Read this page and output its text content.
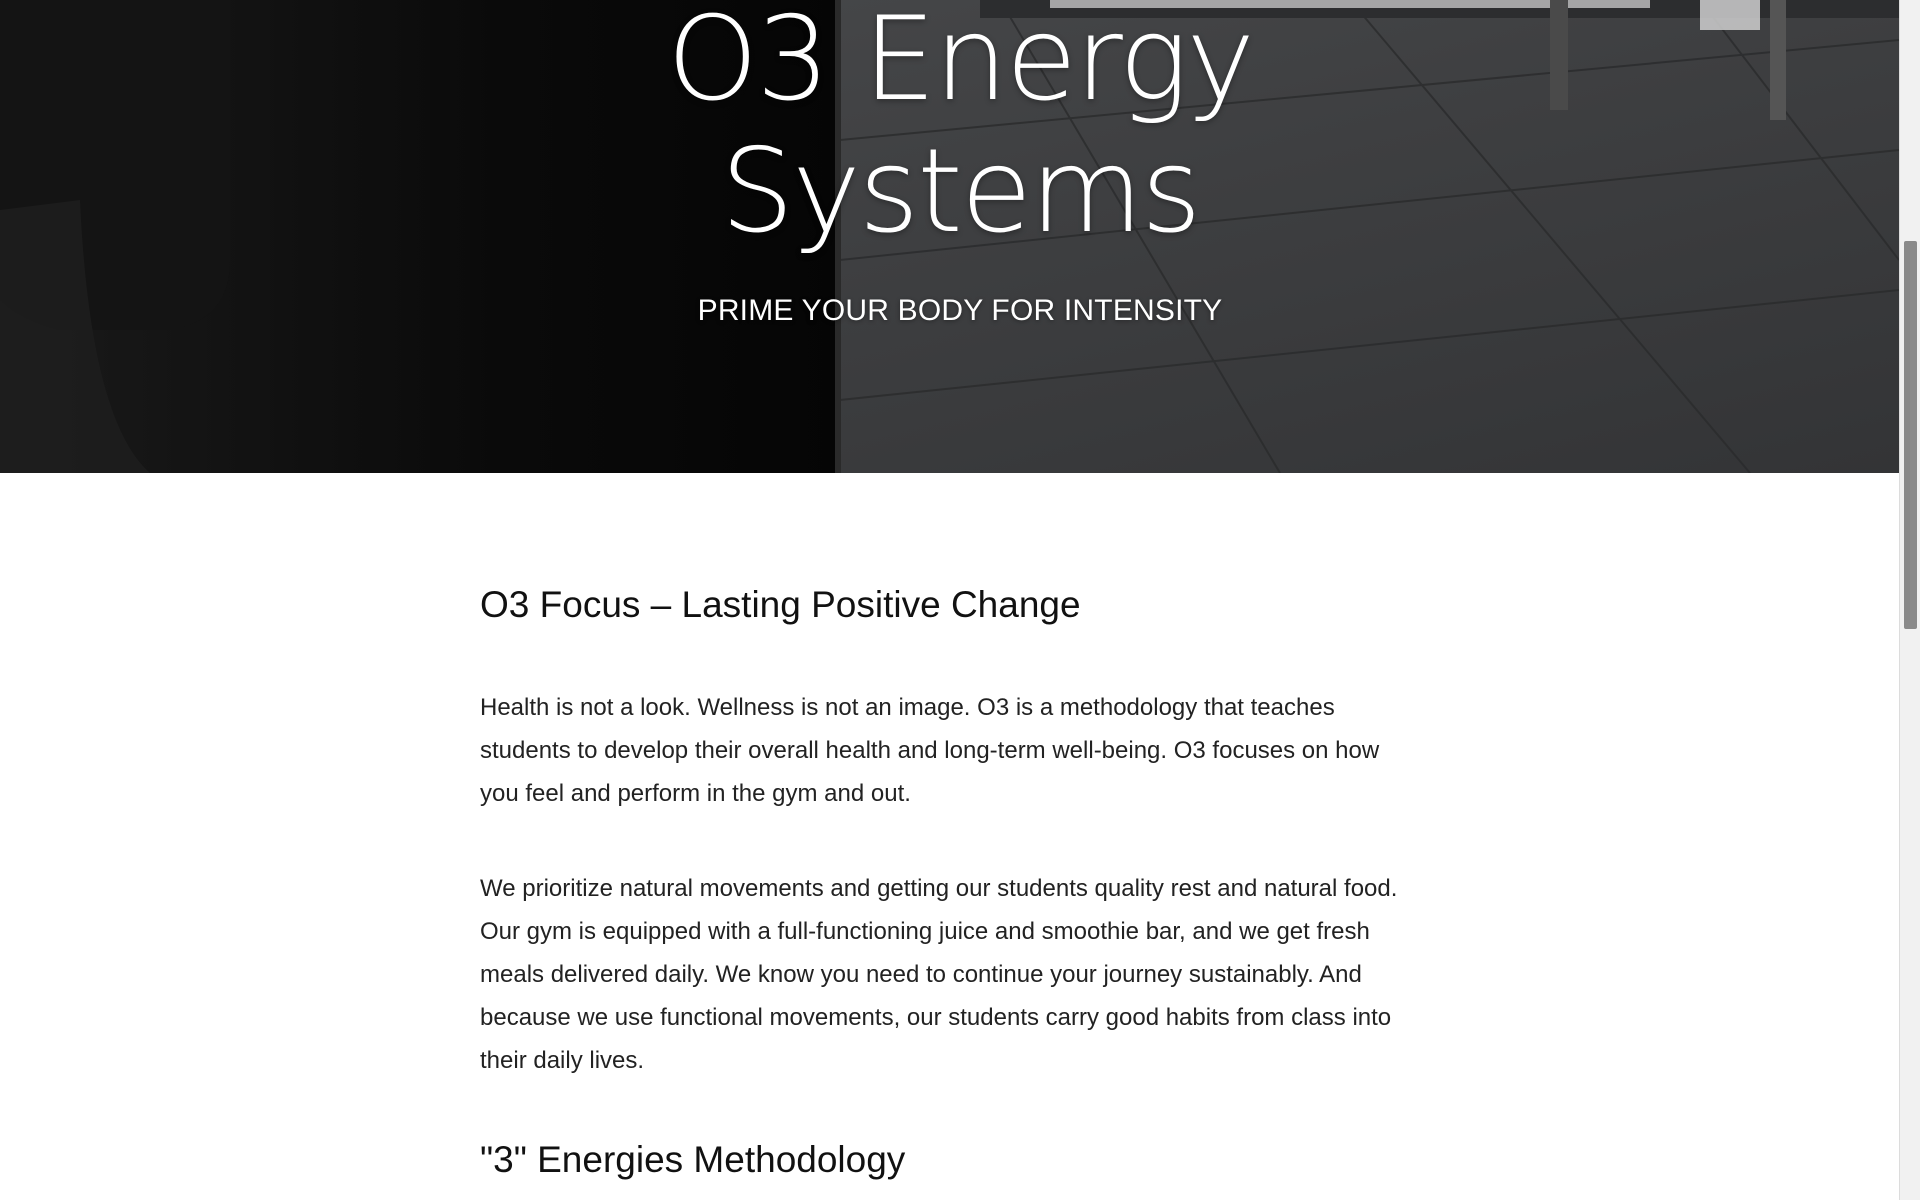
O3 Energy
Systems

PRIME YOUR BODY FOR INTENSITY

O3 Focus – Lasting Positive Change

Health is not a look. Wellness is not an image. O3 is a methodology that teaches students to develop their overall health and long-term well-being. O3 focuses on how you feel and perform in the gym and out.

We prioritize natural movements and getting our students quality rest and natural food. Our gym is equipped with a full-functioning juice and smoothie bar, and we get fresh meals delivered daily. We know you need to continue your journey sustainably. And because we use functional movements, our students carry good habits from class into their daily lives.

"3" Energies Methodology
